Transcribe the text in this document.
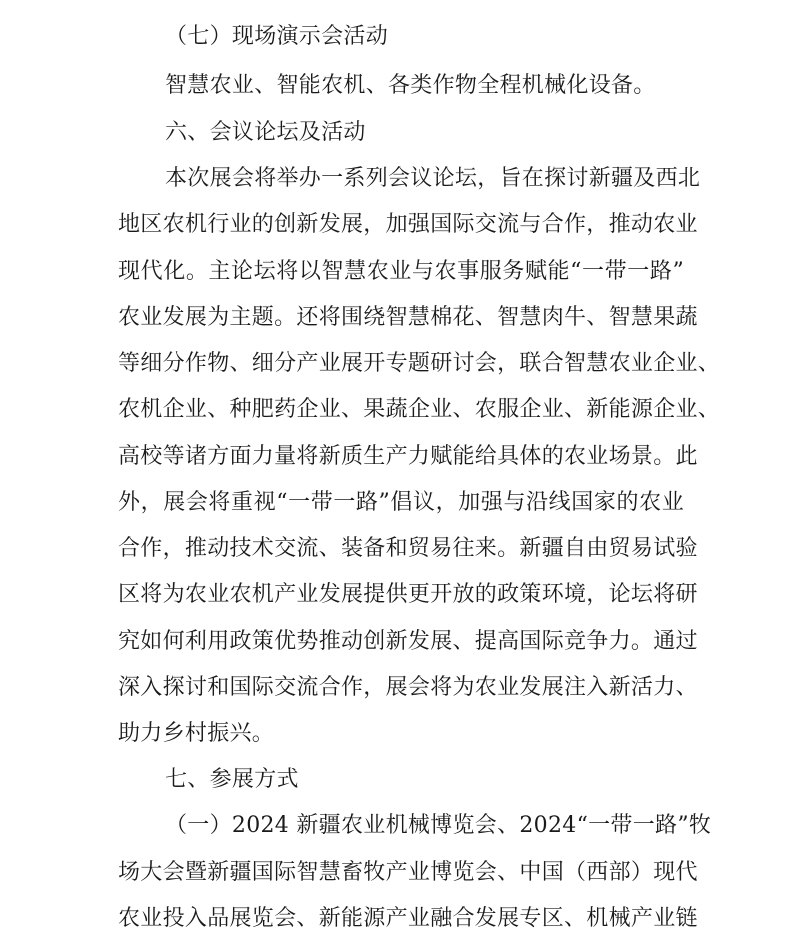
（七）现场演示会活动
智慧农业、智能农机、各类作物全程机械化设备。
六、会议论坛及活动
本次展会将举办一系列会议论坛，旨在探讨新疆及西北
地区农机行业的创新发展，加强国际交流与合作，推动农业
现代化。主论坛将以智慧农业与农事服务赋能“一带一路”
农业发展为主题。还将围绕智慧棉花、智慧肉牛、智慧果蔬
等细分作物、细分产业展开专题研讨会，联合智慧农业企业、
农机企业、种肥药企业、果蔬企业、农服企业、新能源企业、
高校等诸方面力量将新质生产力赋能给具体的农业场景。此
外，展会将重视“一带一路”倡议，加强与沿线国家的农业
合作，推动技术交流、装备和贸易往来。新疆自由贸易试验
区将为农业农机产业发展提供更开放的政策环境，论坛将研
究如何利用政策优势推动创新发展、提高国际竞争力。通过
深入探讨和国际交流合作，展会将为农业发展注入新活力、
助力乡村振兴。
七、参展方式
（一）2024 新疆农业机械博览会、2024“一带一路”牧
场大会暨新疆国际智慧畜牧产业博览会、中国（西部）现代
农业投入品展览会、新能源产业融合发展专区、机械产业链
